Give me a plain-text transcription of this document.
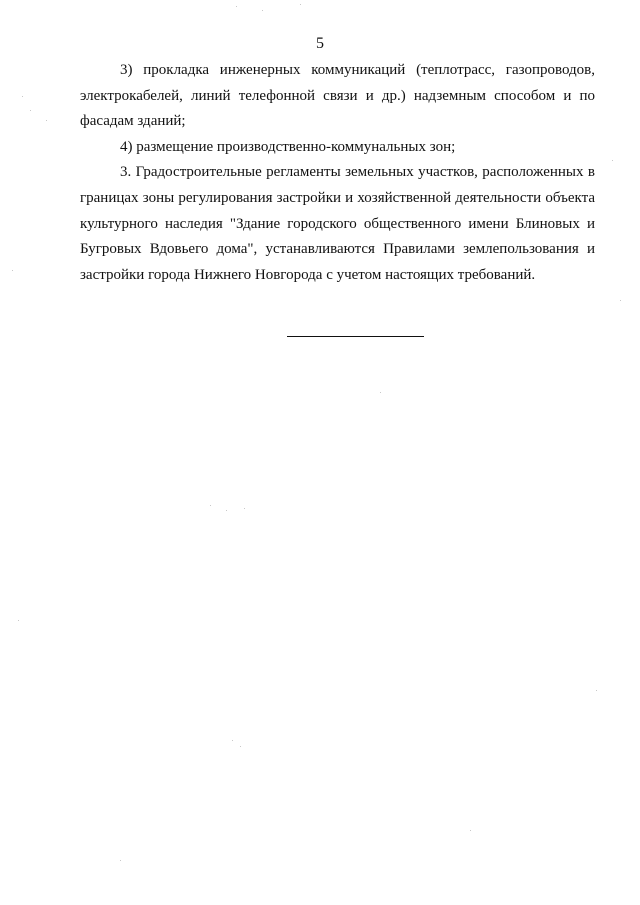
5

3) прокладка инженерных коммуникаций (теплотрасс, газопроводов, электрокабелей, линий телефонной связи и др.) надземным способом и по фасадам зданий;

4) размещение производственно-коммунальных зон;

3. Градостроительные регламенты земельных участков, расположенных в границах зоны регулирования застройки и хозяйственной деятельности объекта культурного наследия "Здание городского общественного имени Блиновых и Бугровых Вдовьего дома", устанавливаются Правилами землепользования и застройки города Нижнего Новгорода с учетом настоящих требований.
